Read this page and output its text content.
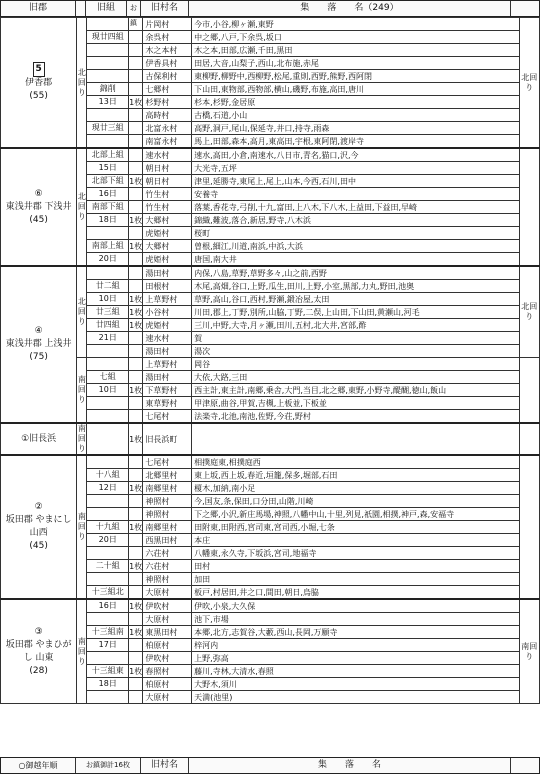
旧郡	旧組	お鎮
旧村名	集　　落　　名（249）
5
伊香郡
(55)	北回り			片岡村	今市,小谷,柳ヶ瀬,東野	北回り
		現廿四組		余呉村	中之郷,八戸,下余呉,坂口	
				木之本村	木之本,田部,広瀬,千田,黒田	
				伊香具村	田居,大音,山梨子,西山,北布施,赤尾	
				古保利村	東柳野,柳野中,西柳野,松尾,重則,西野,熊野,西阿閉	
		錦削		七郷村	下山田,東物部,西物部,横山,磯野,布施,高田,唐川	
		13日	1枚	杉野村	杉本,杉野,金居原	
				高時村	古橋,石道,小山	
		現廿三組		北富永村	高野,洞戸,尾山,保延寺,井口,持寺,雨森	
				南富永村	馬上,田部,森本,高月,東高田,宇根,東阿閉,渡岸寺	

⑥
東浅井郡 下浅井
(45)	北回り	北部上組		速水村	速水,高田,小倉,南速水,八日市,青名,猫口,沢,今	
		15日		朝日村	大光寺,五坪	
		北部下組	1枚	朝日村	津里,延勝寺,東尾上,尾上,山本,今西,石川,田中	
		16日		竹生村	安養寺	
		南部下組		竹生村	落葉,香花寺,弓削,十九,富田,上八木,下八木,上益田,下益田,早崎	
		18日	1枚	大郷村	錦織,難波,落合,新居,野寺,八木浜	
				虎姫村	桜町	
		南部上組	1枚	大郷村	曽根,細江,川道,南浜,中浜,大浜	
		20日		虎姫村	唐国,南大井	

④
東浅井郡 上浅井
(75)	北回り			湯田村	内保,八島,草野,草野多々,山之前,西野	北回り
		廿二組		田根村	木尾,高畑,谷口,上野,瓜生,田川,上野,小室,黒部,力丸,野田,池奥	
		10日	1枚	上草野村	草野,高山,谷口,西村,野瀬,鍛冶屋,太田	
		廿三組	1枚	小谷村	川田,郡上,丁野,別所,山脇,丁野,二俣,上山田,下山田,黄瀬山,河毛	
		廿四組	1枚	虎姫村	三川,中野,大寺,月ヶ瀬,田川,五村,北大井,宮部,酢	
		21日		速水村	賀	
				湯田村	湯次	
	南回り			上草野村	岡谷	
		七組		湯田村	大依,大路,三田	
		10日	1枚	下草野村	西主計,東主計,南郷,乗舎,大門,当目,北之郷,東野,小野寺,醍醐,徳山,飯山	
				東草野村	甲津原,曲谷,甲賀,吉槻,上板並,下板並	
				七尾村	法楽寺,北池,南池,佐野,今荘,野村	

①旧長浜	南回り		1枚	旧長浜町		

②
坂田郡 やまにし 山西
(45)	南回り			七尾村	相撲庭東,相撲庭西	
		十八組		北郷里村	東上坂,西上坂,春近,垣籠,保多,堀部,石田	
		12日	1枚	南郷里村	榎木,加納,南小足	
				神照村	今,国友,条,保田,口分田,山階,川崎	
				神照村	下之郷,小沢,新庄馬場,神照,八幡中山,十里,列見,祇園,相撲,神戸,森,安福寺	
		十九組	1枚	南郷里村	田附東,田附西,宮司東,宮司西,小堀,七条	
		20日		西黒田村	本庄	
				六荘村	八幡東,永久寺,下坂浜,宮司,地福寺	
		二十組	1枚	六荘村	田村	
				神照村	加田	
		十三組北		大原村	板戸,村居田,井之口,間田,朝日,烏脇	

③
坂田郡 やまひがし 山東
(28)	南回り	16日	1枚	伊吹村	伊吹,小泉,大久保	南回り
				大原村	池下,市場	
		十三組南	1枚	東黒田村	本郷,北方,志賀谷,大藪,西山,長岡,万願寺	
		17日		柏原村	梓河内	
				伊吹村	上野,弥高	
		十三組東	1枚	春照村	藤川,寺林,大清水,春照	
		18日		柏原村	大野木,須川	
				大原村	天満(池里)	
○御越年順	お鎮御計16枚	旧村名	集　　落　　名
